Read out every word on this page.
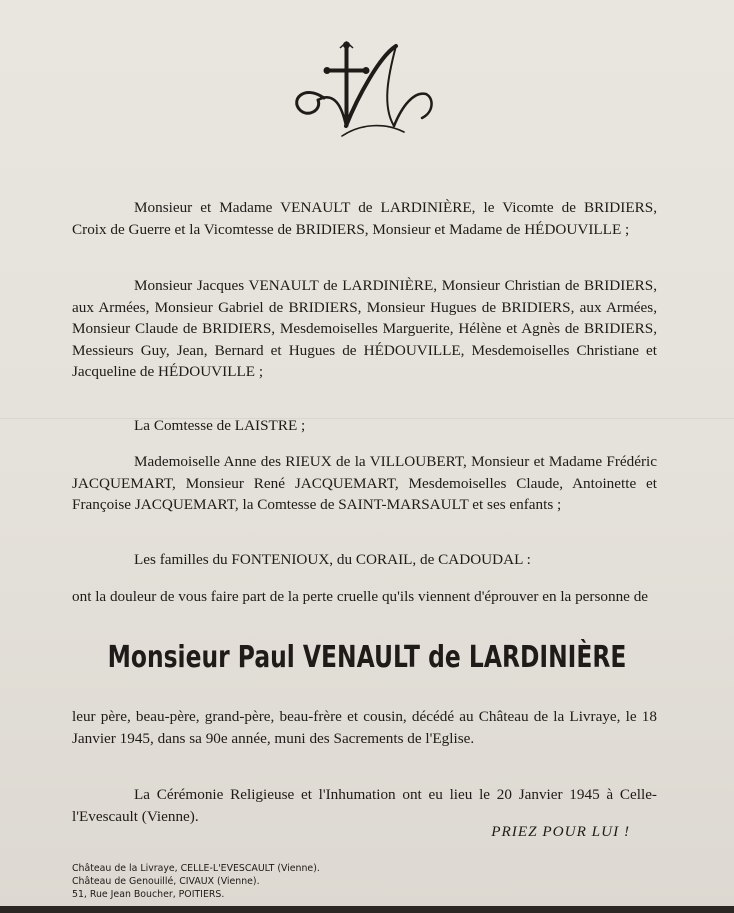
Monsieur et Madame VENAULT de LARDINIÈRE, le Vicomte de BRIDIERS, Croix de Guerre et la Vicomtesse de BRIDIERS, Monsieur et Madame de HÉDOUVILLE ;

Monsieur Jacques VENAULT de LARDINIÈRE, Monsieur Christian de BRIDIERS, aux Armées, Monsieur Gabriel de BRIDIERS, Monsieur Hugues de BRIDIERS, aux Armées, Monsieur Claude de BRIDIERS, Mesdemoiselles Marguerite, Hélène et Agnès de BRIDIERS, Messieurs Guy, Jean, Bernard et Hugues de HÉDOUVILLE, Mesdemoiselles Christiane et Jacqueline de HÉDOUVILLE ;

La Comtesse de LAISTRE ;

Mademoiselle Anne des RIEUX de la VILLOUBERT, Monsieur et Madame Frédéric JACQUEMART, Monsieur René JACQUEMART, Mesdemoiselles Claude, Antoinette et Françoise JACQUEMART, la Comtesse de SAINT-MARSAULT et ses enfants ;

Les familles du FONTENIOUX, du CORAIL, de CADOUDAL :

ont la douleur de vous faire part de la perte cruelle qu'ils viennent d'éprouver en la personne de

Monsieur Paul VENAULT de LARDINIÈRE

leur père, beau-père, grand-père, beau-frère et cousin, décédé au Château de la Livraye, le 18 Janvier 1945, dans sa 90e année, muni des Sacrements de l'Eglise.

La Cérémonie Religieuse et l'Inhumation ont eu lieu le 20 Janvier 1945 à Celle-l'Evescault (Vienne).

PRIEZ POUR LUI !
Château de la Livraye, CELLE-L'EVESCAULT (Vienne).
Château de Genouillé, CIVAUX (Vienne).
51, Rue Jean Boucher, POITIERS.
